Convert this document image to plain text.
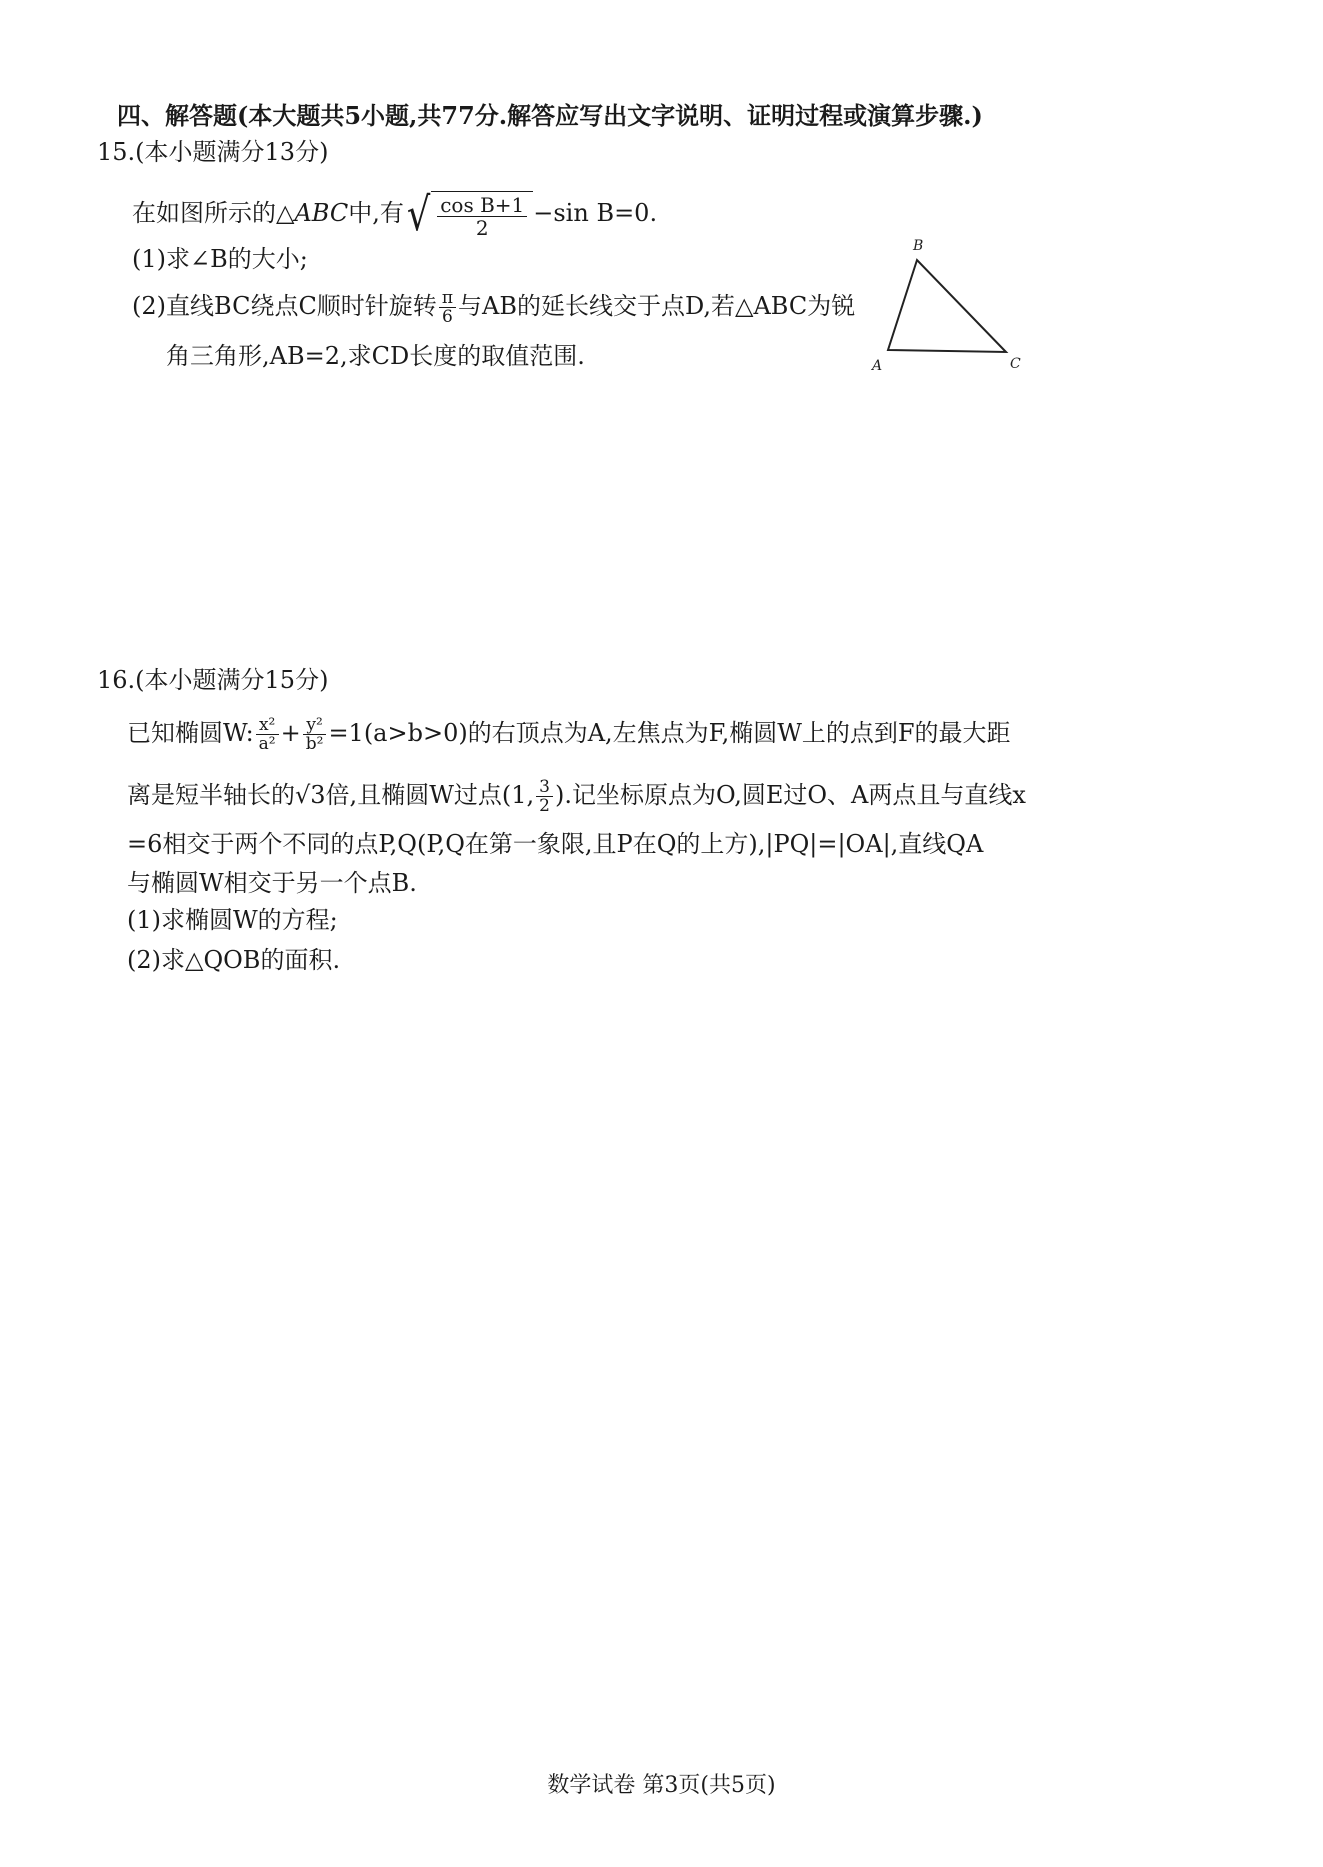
四、解答题(本大题共5小题,共77分.解答应写出文字说明、证明过程或演算步骤.)
15.(本小题满分13分)
在如图所示的△ABC中,有 √ $\frac{\text{cos B+1}}{2} -\sin$ B=0.
(1)求∠B的大小;
(2)直线BC绕点C顺时针旋转 $\frac{\pi}{6}$ 与AB的延长线交于点D,若△ABC为锐
角三角形,AB=2,求CD长度的取值范围.
B
A	C
16.(本小题满分15分)
已知椭圆W: $\frac{\text{x²}}{\text{a²}} + \frac{\text{y²}}{\text{b²}} =1(a>b>0)$的右顶点为A,左焦点为F,椭圆W上的点到F的最大距
离是短半轴长的√3倍,且椭圆W过点(1, $\frac{3}{2}$ ).记坐标原点为O,圆E过O、A两点且与直线x
=6相交于两个不同的点P,Q(P,Q在第一象限,且P在Q的上方),|PQ|=|OA|,直线QA
与椭圆W相交于另一个点B.
(1)求椭圆W的方程;
(2)求△QOB的面积.
数学试卷 第3页(共5页)
